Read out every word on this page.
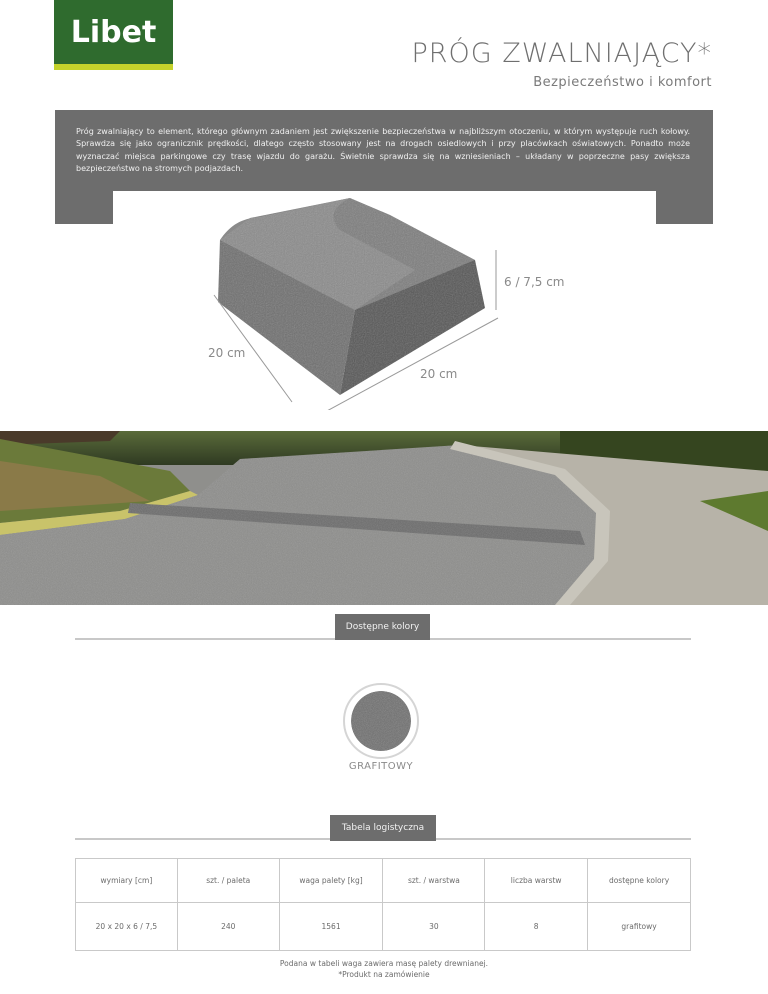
Libet
PRÓG ZWALNIAJĄCY*
Bezpieczeństwo i komfort

Próg zwalniający to element, którego głównym zadaniem jest zwiększenie bezpieczeństwa w najbliższym otoczeniu, w którym występuje ruch kołowy. Sprawdza się jako ogranicznik prędkości, dlatego często stosowany jest na drogach osiedlowych i przy placówkach oświatowych. Ponadto może wyznaczać miejsca parkingowe czy trasę wjazdu do garażu. Świetnie sprawdza się na wzniesieniach – układany w poprzeczne pasy zwiększa bezpieczeństwo na stromych podjazdach.

6 / 7,5 cm
20 cm
20 cm
Dostępne kolory
GRAFITOWY
Tabela logistyczna
wymiary [cm]	szt. / paleta	waga palety [kg]	szt. / warstwa	liczba warstw	dostępne kolory
20 x 20 x 6 / 7,5	240	1561	30	8	grafitowy
Podana w tabeli waga zawiera masę palety drewnianej.
*Produkt na zamówienie
